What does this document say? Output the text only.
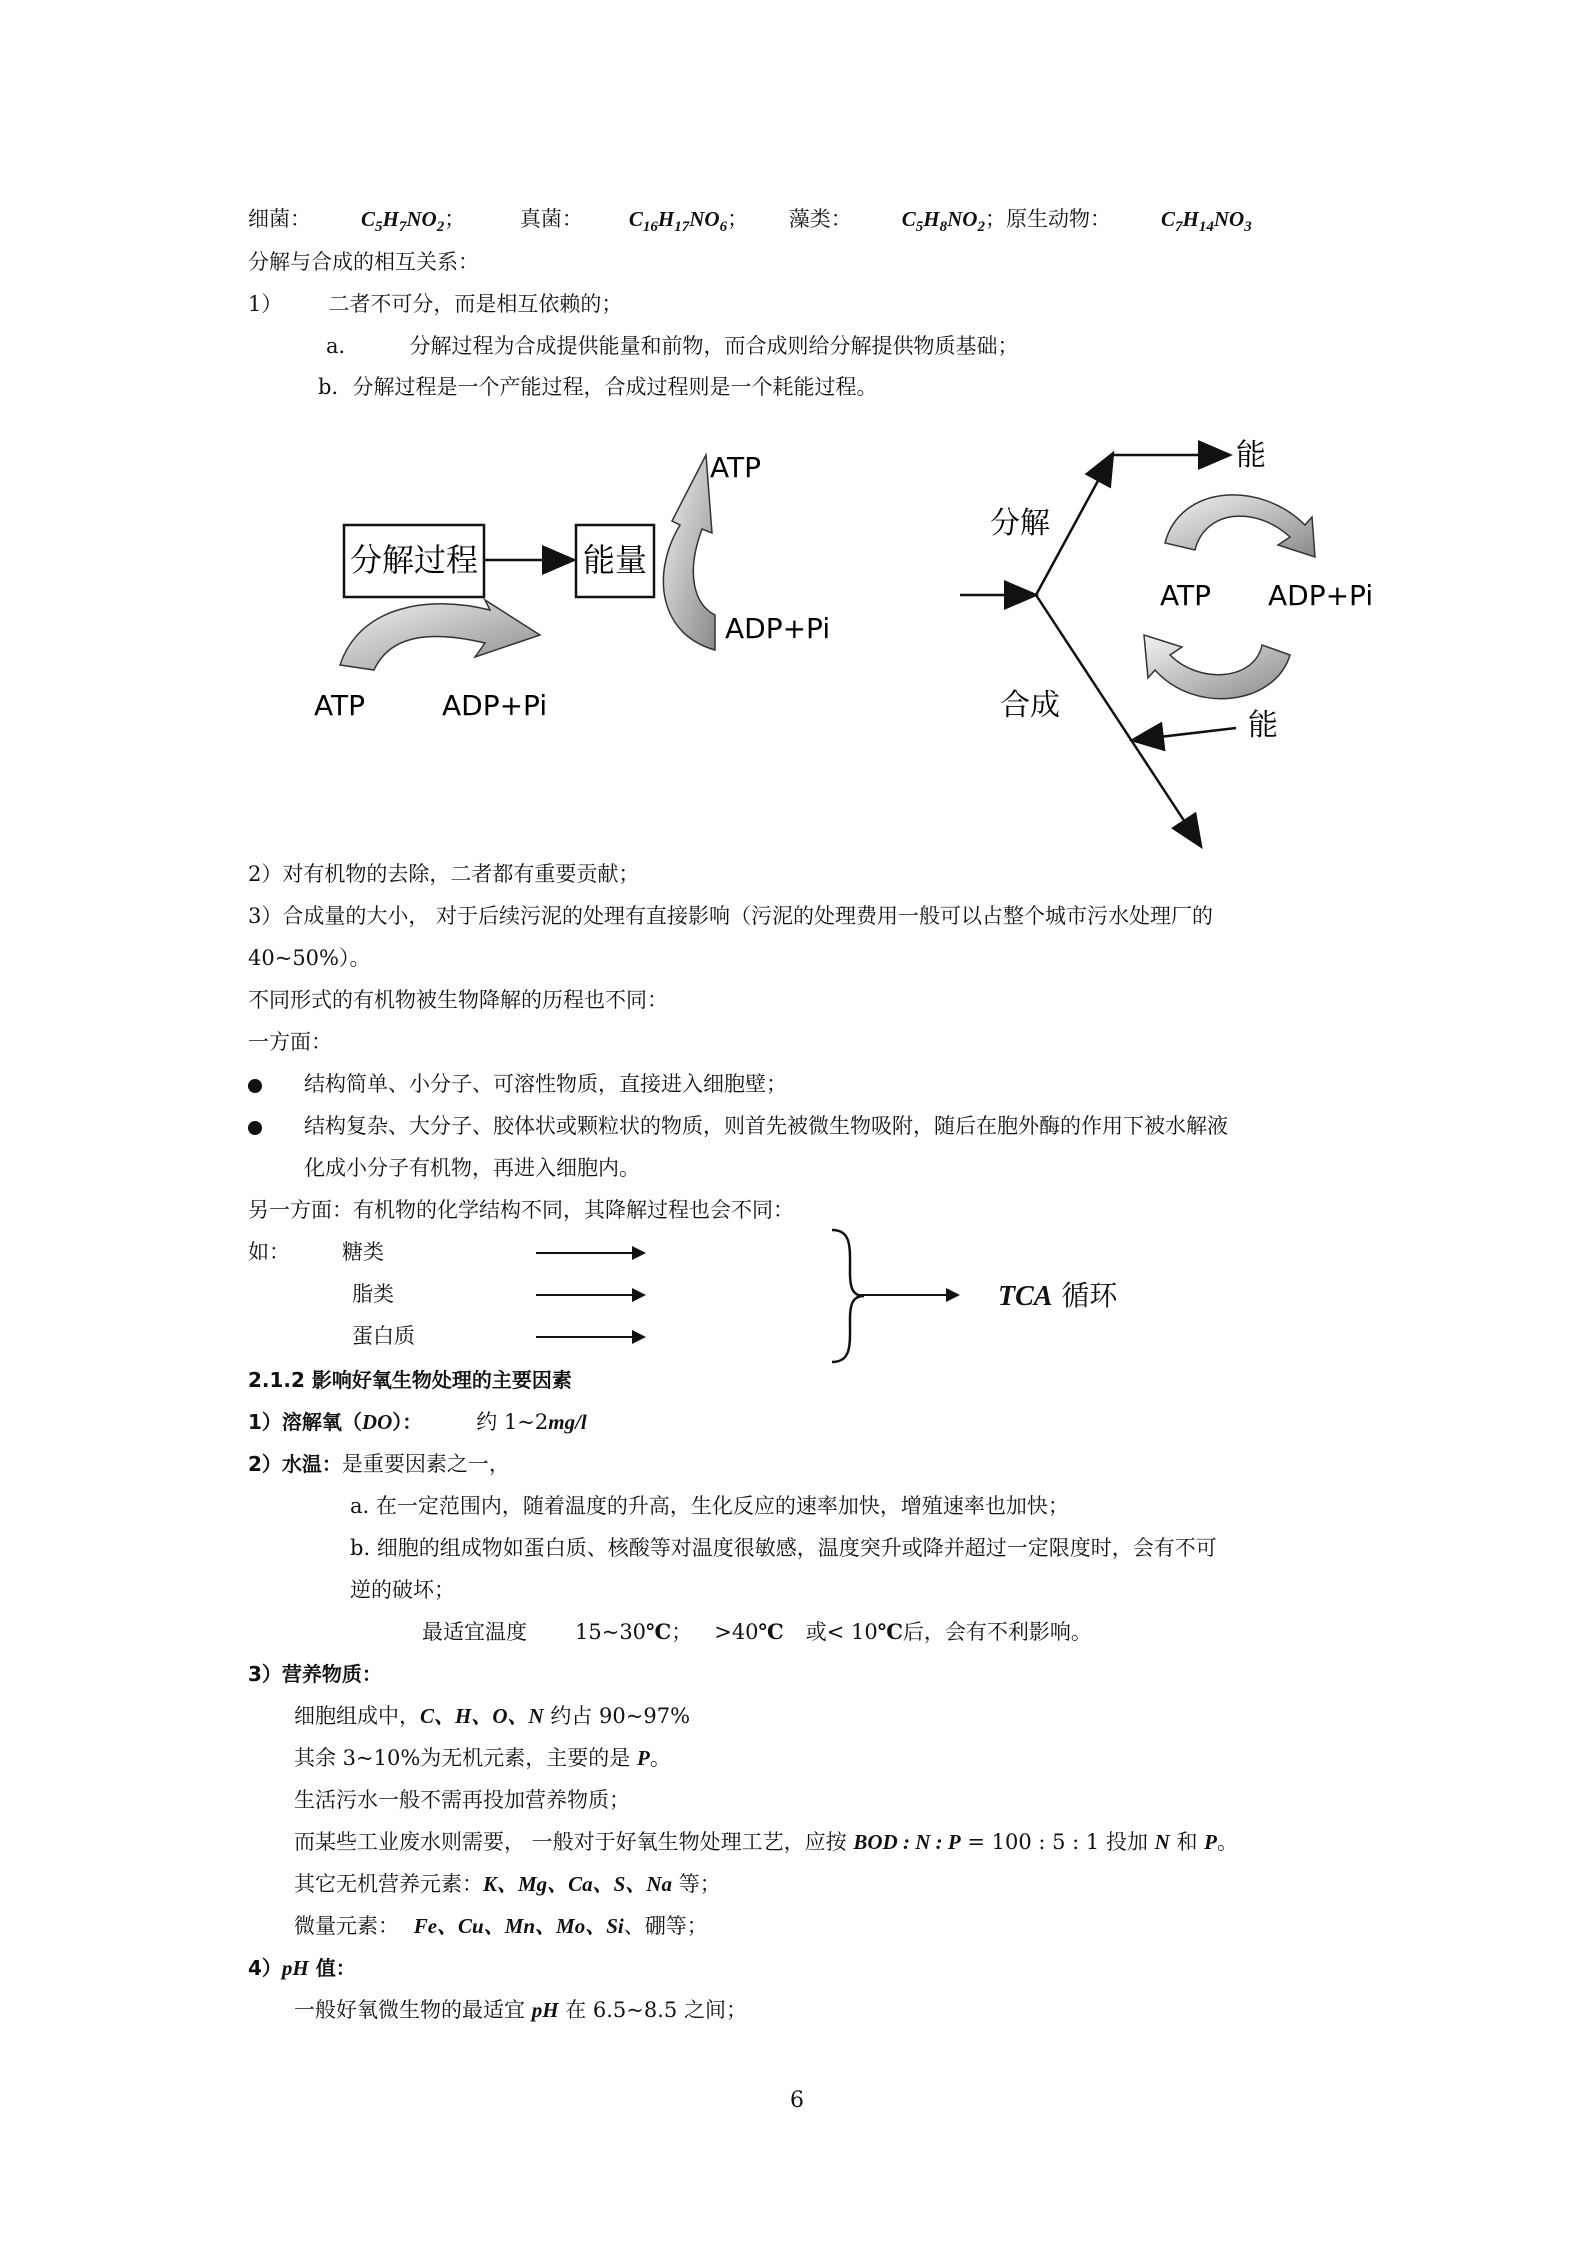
细菌： $C_5H_7NO_2$；	真菌： $C_{16}H_{17}NO_6$； 藻类： $C_5H_8NO_2$；原生动物： $C_7H_{14}NO_3$
分解与合成的相互关系：
1） 二者不可分，而是相互依赖的；
a． 分解过程为合成提供能量和前物，而合成则给分解提供物质基础；
b．分解过程是一个产能过程，合成过程则是一个耗能过程。
分解过程	能量
ATP	ADP+Pi
ATP
ADP+Pi
分解
合成
能
能
ATP ADP+Pi
2）对有机物的去除，二者都有重要贡献；
3）合成量的大小， 对于后续污泥的处理有直接影响（污泥的处理费用一般可以占整个城市污水处理厂的
40~50%）。
不同形式的有机物被生物降解的历程也不同：
一方面：
结构简单、小分子、可溶性物质，直接进入细胞壁；
结构复杂、大分子、胶体状或颗粒状的物质，则首先被微生物吸附，随后在胞外酶的作用下被水解液
化成小分子有机物，再进入细胞内。
另一方面：有机物的化学结构不同，其降解过程也会不同：
如： 糖类
脂类
蛋白质
TCA 循环
2.1.2 影响好氧生物处理的主要因素
1）溶解氧（DO）：	约 1~2mg/l
2）水温：是重要因素之一，
a. 在一定范围内，随着温度的升高，生化反应的速率加快，增殖速率也加快；
b. 细胞的组成物如蛋白质、核酸等对温度很敏感，温度突升或降并超过一定限度时，会有不可
逆的破坏；
最适宜温度 15~30℃； >40℃ 或< 10℃后，会有不利影响。
3）营养物质：
细胞组成中，C、H、O、N 约占 90~97%
其余 3~10%为无机元素，主要的是 P。
生活污水一般不需再投加营养物质；
而某些工业废水则需要， 一般对于好氧生物处理工艺，应按 BOD : N : P = 100 : 5 : 1 投加 N 和 P。
其它无机营养元素：K、Mg、Ca、S、Na 等；
微量元素： Fe、Cu、Mn、Mo、Si、硼等；
4）pH 值：
一般好氧微生物的最适宜 pH 在 6.5~8.5 之间；
6
